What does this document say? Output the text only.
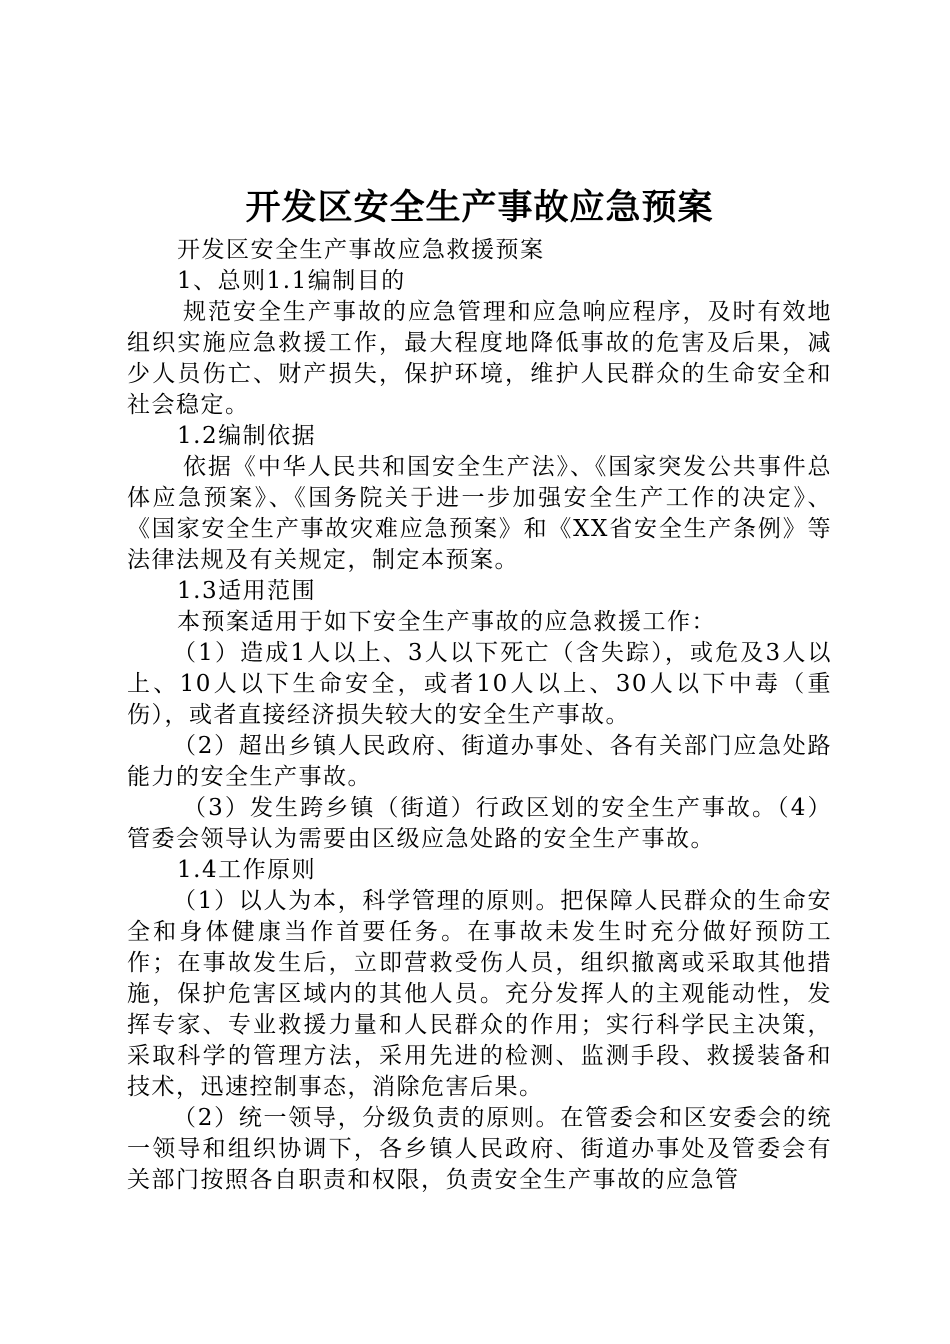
开发区安全生产事故应急预案

开发区安全生产事故应急救援预案

1、总则1.1编制目的

规范安全生产事故的应急管理和应急响应程序，及时有效地组织实施应急救援工作，最大程度地降低事故的危害及后果，减少人员伤亡、财产损失，保护环境，维护人民群众的生命安全和社会稳定。

1.2编制依据

依据《中华人民共和国安全生产法》、《国家突发公共事件总体应急预案》、《国务院关于进一步加强安全生产工作的决定》、《国家安全生产事故灾难应急预案》和《XX省安全生产条例》等法律法规及有关规定，制定本预案。

1.3适用范围

本预案适用于如下安全生产事故的应急救援工作：

（1）造成1人以上、3人以下死亡（含失踪），或危及3人以上、10人以下生命安全，或者10人以上、30人以下中毒（重伤），或者直接经济损失较大的安全生产事故。

（2）超出乡镇人民政府、街道办事处、各有关部门应急处路能力的安全生产事故。

（3）发生跨乡镇（街道）行政区划的安全生产事故。（4）管委会领导认为需要由区级应急处路的安全生产事故。

1.4工作原则

（1）以人为本，科学管理的原则。把保障人民群众的生命安全和身体健康当作首要任务。在事故未发生时充分做好预防工作；在事故发生后，立即营救受伤人员，组织撤离或采取其他措施，保护危害区域内的其他人员。充分发挥人的主观能动性，发挥专家、专业救援力量和人民群众的作用；实行科学民主决策，采取科学的管理方法，采用先进的检测、监测手段、救援装备和技术，迅速控制事态，消除危害后果。

（2）统一领导，分级负责的原则。在管委会和区安委会的统一领导和组织协调下，各乡镇人民政府、街道办事处及管委会有关部门按照各自职责和权限，负责安全生产事故的应急管
